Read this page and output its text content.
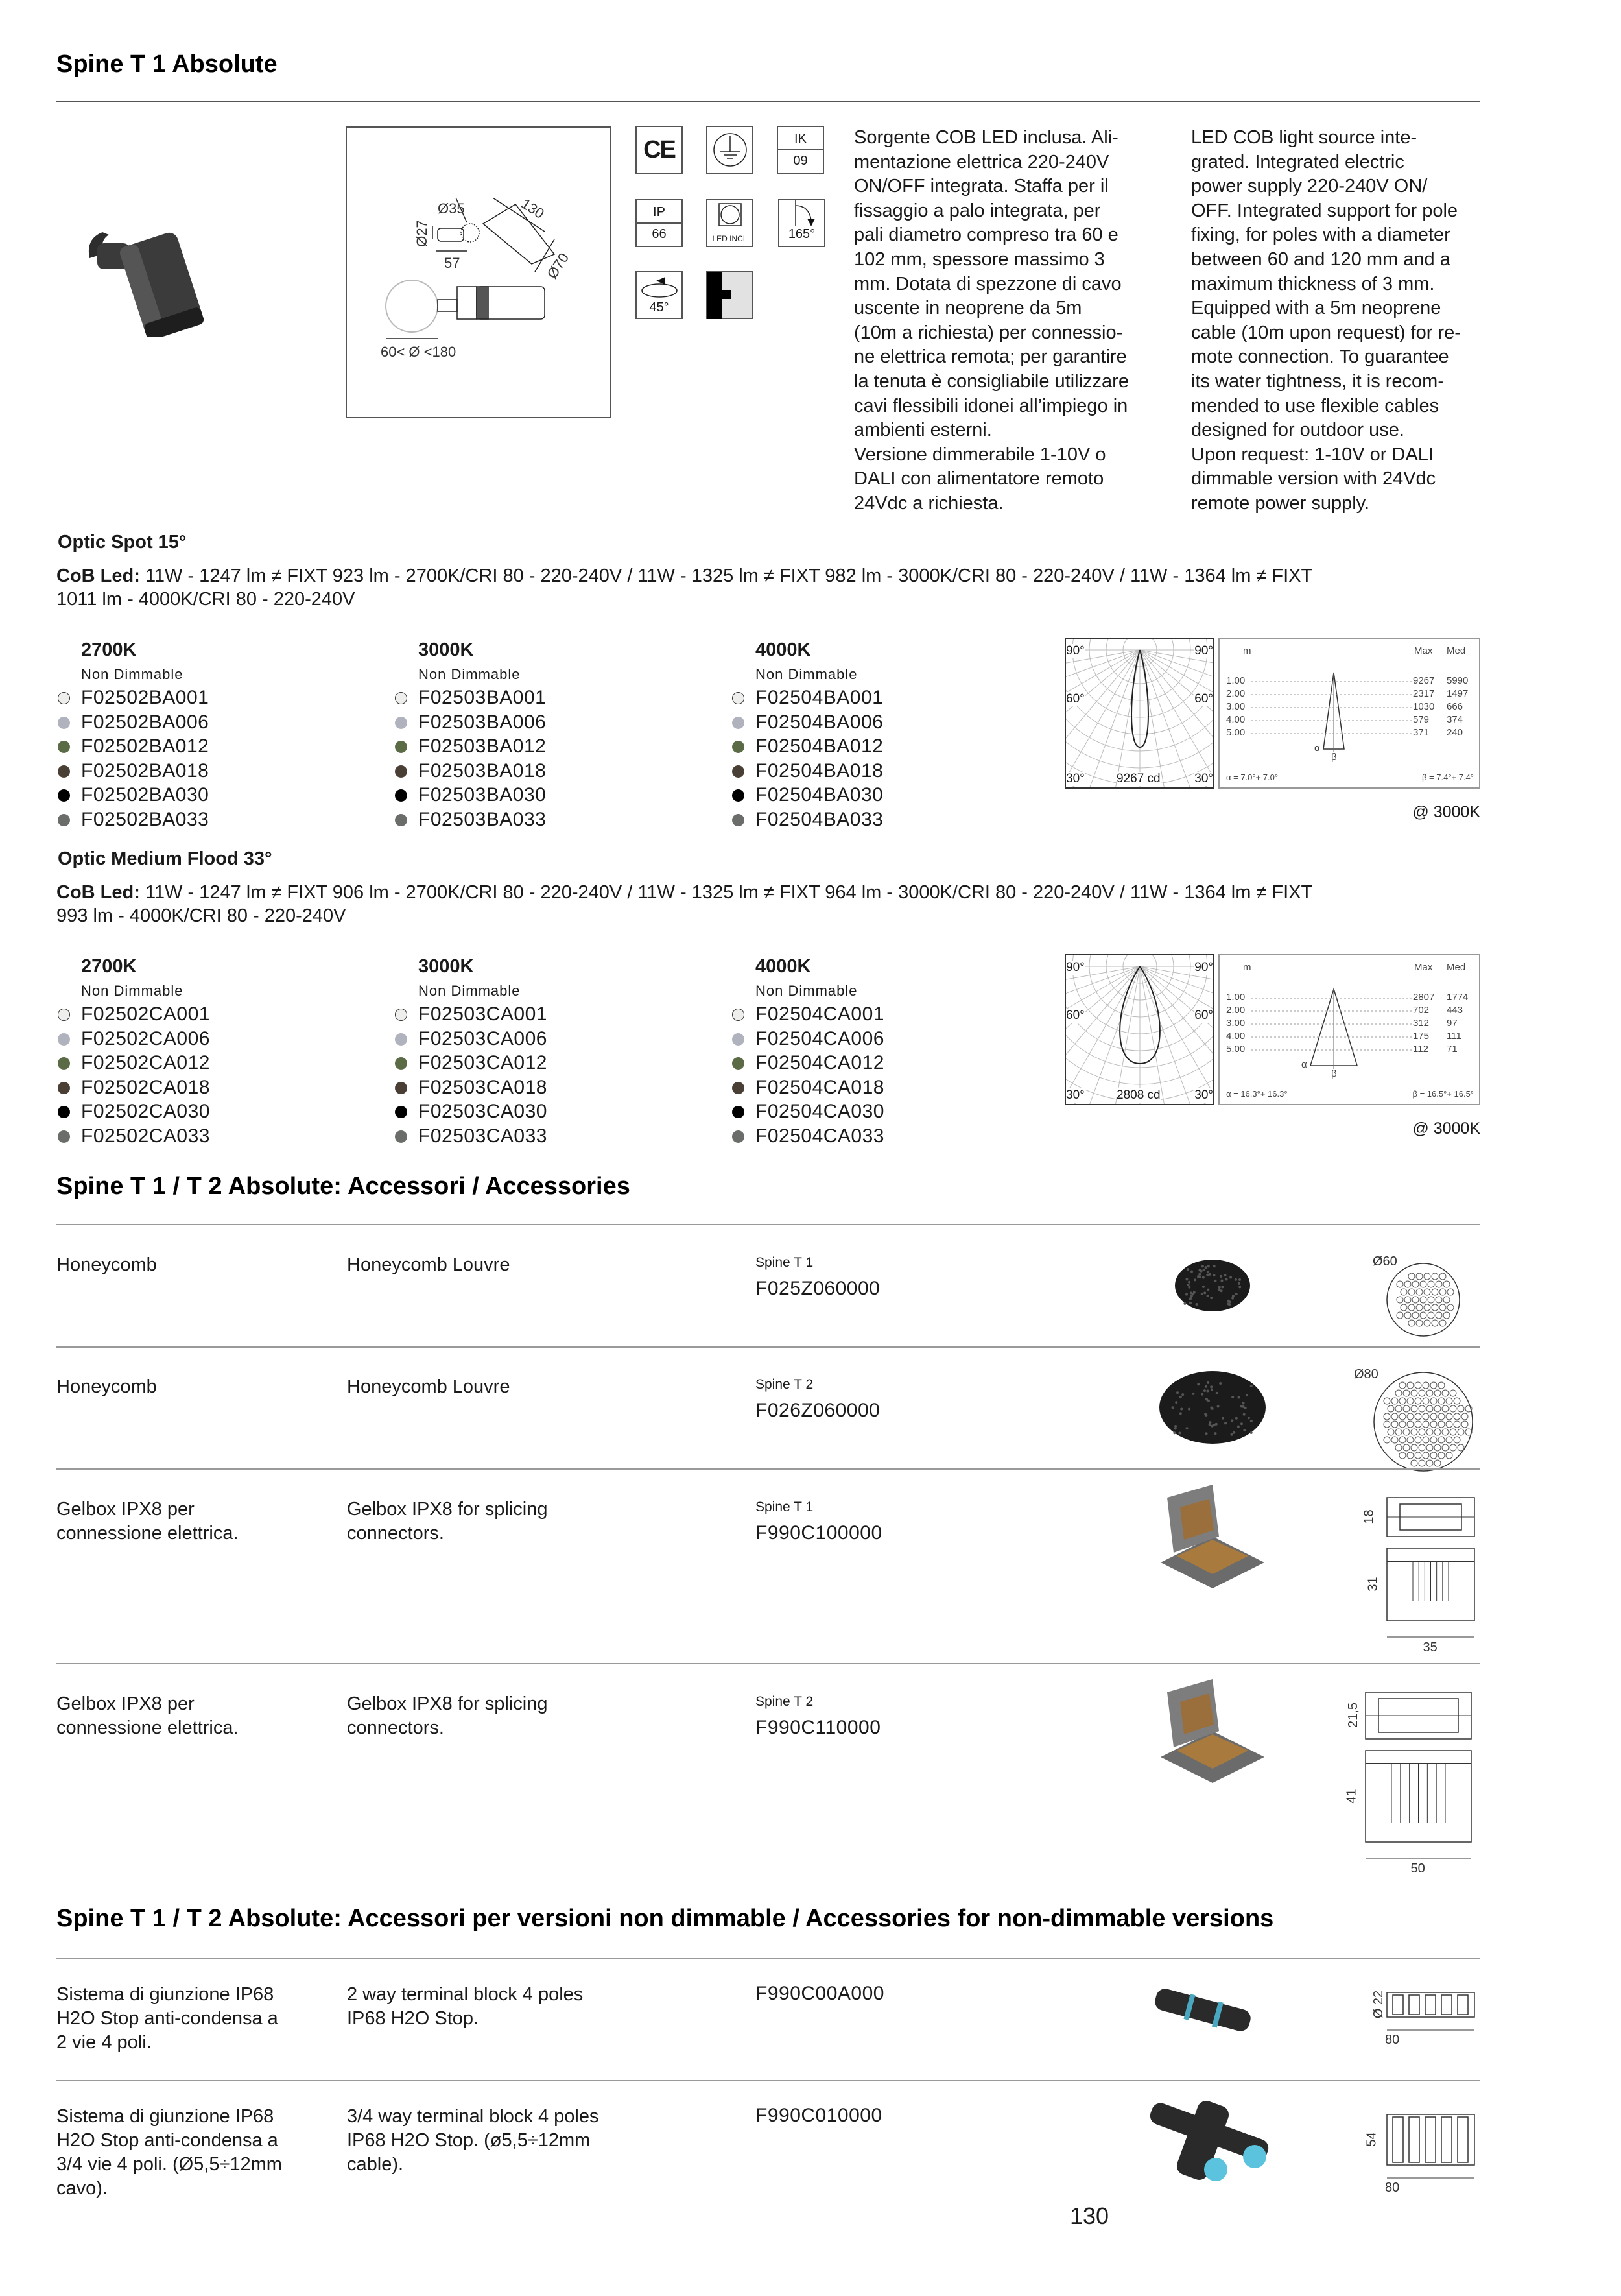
Spine T 1 Absolute
Ø35
Ø27
57
130
Ø70
60< Ø <180
CE	IK
09
IP
66	LED INCL	165°
45°
Sorgente COB LED inclusa. Ali-
mentazione elettrica 220-240V
ON/OFF integrata. Staffa per il
fissaggio a palo integrata, per
pali diametro compreso tra 60 e
102 mm, spessore massimo 3
mm. Dotata di spezzone di cavo
uscente in neoprene da 5m
(10m a richiesta) per connessio-
ne elettrica remota; per garantire
la tenuta è consigliabile utilizzare
cavi flessibili idonei all’impiego in
ambienti esterni.
Versione dimmerabile 1-10V o
DALI con alimentatore remoto
24Vdc a richiesta.
LED COB light source inte-
grated. Integrated electric
power supply 220-240V ON/
OFF. Integrated support for pole
fixing, for poles with a diameter
between 60 and 120 mm and a
maximum thickness of 3 mm.
Equipped with a 5m neoprene
cable (10m upon request) for re-
mote connection. To guarantee
its water tightness, it is recom-
mended to use flexible cables
designed for outdoor use.
Upon request: 1-10V or DALI
dimmable version with 24Vdc
remote power supply.
Optic Spot 15°
CoB Led: 11W - 1247 lm ≠ FIXT 923 lm - 2700K/CRI 80 - 220-240V / 11W - 1325 lm ≠ FIXT 982 lm - 3000K/CRI 80 - 220-240V / 11W - 1364 lm ≠ FIXT
1011 lm - 4000K/CRI 80 - 220-240V
2700K
Non Dimmable
F02502BA001
F02502BA006
F02502BA012
F02502BA018
F02502BA030
F02502BA033
3000K
Non Dimmable
F02503BA001
F02503BA006
F02503BA012
F02503BA018
F02503BA030
F02503BA033
4000K
Non Dimmable
F02504BA001
F02504BA006
F02504BA012
F02504BA018
F02504BA030
F02504BA033
90°	90°
60°	60°
30°	30°
9267 cd
m	Max Med
1.00	9267 5990
2.00	2317 1497
3.00	1030 666
4.00	579 374
5.00	371 240
α
β
α = 7.0°+ 7.0°	β = 7.4°+ 7.4°
@ 3000K
Optic Medium Flood 33°
CoB Led: 11W - 1247 lm ≠ FIXT 906 lm - 2700K/CRI 80 - 220-240V / 11W - 1325 lm ≠ FIXT 964 lm - 3000K/CRI 80 - 220-240V / 11W - 1364 lm ≠ FIXT
993 lm - 4000K/CRI 80 - 220-240V
2700K
Non Dimmable
F02502CA001
F02502CA006
F02502CA012
F02502CA018
F02502CA030
F02502CA033
3000K
Non Dimmable
F02503CA001
F02503CA006
F02503CA012
F02503CA018
F02503CA030
F02503CA033
4000K
Non Dimmable
F02504CA001
F02504CA006
F02504CA012
F02504CA018
F02504CA030
F02504CA033
90°	90°
60°	60°
30°	30°
2808 cd
m	Max Med
1.00	2807 1774
2.00	702 443
3.00	312 97
4.00	175 111
5.00	112 71
α
β
α = 16.3°+ 16.3°	β = 16.5°+ 16.5°
@ 3000K
Spine T 1 / T 2 Absolute: Accessori / Accessories
Honeycomb	Honeycomb Louvre	Spine T 1
F025Z060000
Ø60
Honeycomb	Honeycomb Louvre	Spine T 2
F026Z060000
Ø80
Gelbox IPX8 per
connessione elettrica.
Gelbox IPX8 for splicing
connectors.
Spine T 1
F990C100000
18
31
35
Gelbox IPX8 per
connessione elettrica.
Gelbox IPX8 for splicing
connectors.
Spine T 2
F990C110000	21,5
41
50
Spine T 1 / T 2 Absolute: Accessori per versioni non dimmable / Accessories for non-dimmable versions
Sistema di giunzione IP68
H2O Stop anti-condensa a
2 vie 4 poli.
2 way terminal block 4 poles
IP68 H2O Stop.
F990C00A000	Ø 22
80
Sistema di giunzione IP68
H2O Stop anti-condensa a
3/4 vie 4 poli. (Ø5,5÷12mm
cavo).
3/4 way terminal block 4 poles
IP68 H2O Stop. (ø5,5÷12mm
cable).
F990C010000
54
80
130
